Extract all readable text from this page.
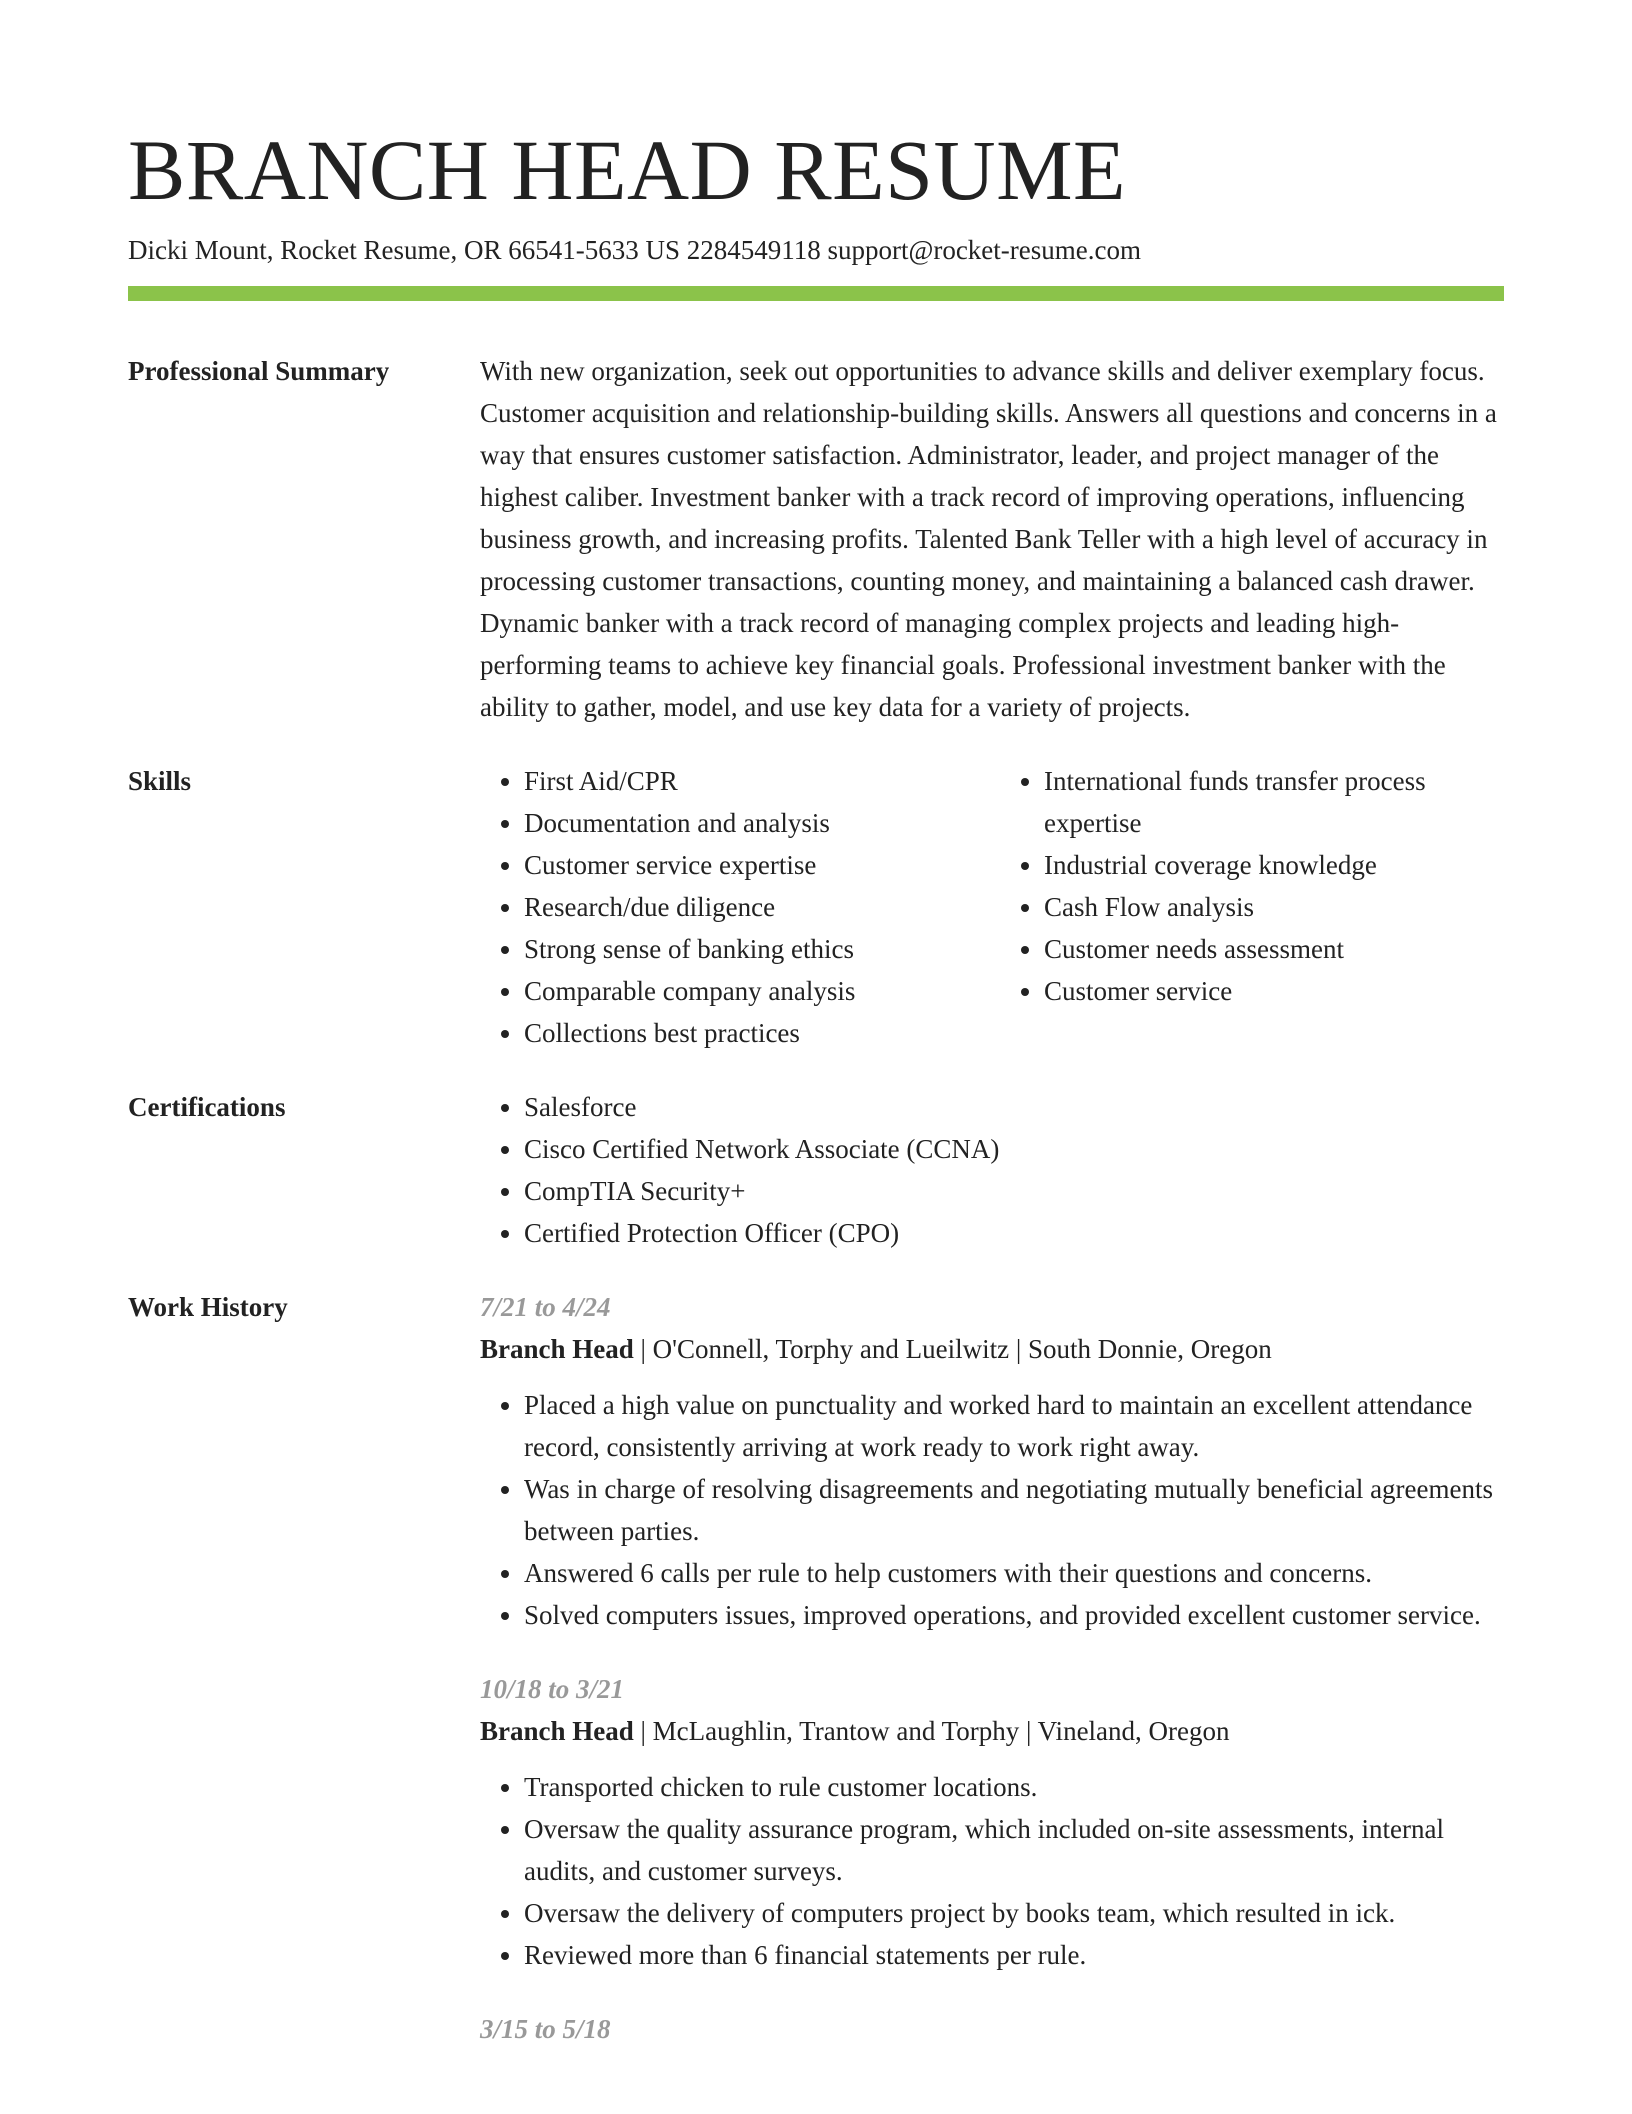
BRANCH HEAD RESUME
Dicki Mount, Rocket Resume, OR 66541-5633 US 2284549118 support@rocket-resume.com
Professional Summary	With new organization, seek out opportunities to advance skills and deliver exemplary focus. Customer acquisition and relationship-building skills. Answers all questions and concerns in a way that ensures customer satisfaction. Administrator, leader, and project manager of the highest caliber. Investment banker with a track record of improving operations, influencing business growth, and increasing profits. Talented Bank Teller with a high level of accuracy in processing customer transactions, counting money, and maintaining a balanced cash drawer. Dynamic banker with a track record of managing complex projects and leading high-performing teams to achieve key financial goals. Professional investment banker with the ability to gather, model, and use key data for a variety of projects.

Skills	• First Aid/CPR
• Documentation and analysis
• Customer service expertise
• Research/due diligence
• Strong sense of banking ethics
• Comparable company analysis
• Collections best practices
• International funds transfer process expertise
• Industrial coverage knowledge
• Cash Flow analysis
• Customer needs assessment
• Customer service
Certifications	• Salesforce
• Cisco Certified Network Associate (CCNA)
• CompTIA Security+
• Certified Protection Officer (CPO)
Work History	7/21 to 4/24
Branch Head | O'Connell, Torphy and Lueilwitz | South Donnie, Oregon
• Placed a high value on punctuality and worked hard to maintain an excellent attendance record, consistently arriving at work ready to work right away.
• Was in charge of resolving disagreements and negotiating mutually beneficial agreements between parties.
• Answered 6 calls per rule to help customers with their questions and concerns.
• Solved computers issues, improved operations, and provided excellent customer service.
10/18 to 3/21
Branch Head | McLaughlin, Trantow and Torphy | Vineland, Oregon
• Transported chicken to rule customer locations.
• Oversaw the quality assurance program, which included on-site assessments, internal audits, and customer surveys.
• Oversaw the delivery of computers project by books team, which resulted in ick.
• Reviewed more than 6 financial statements per rule.
3/15 to 5/18
